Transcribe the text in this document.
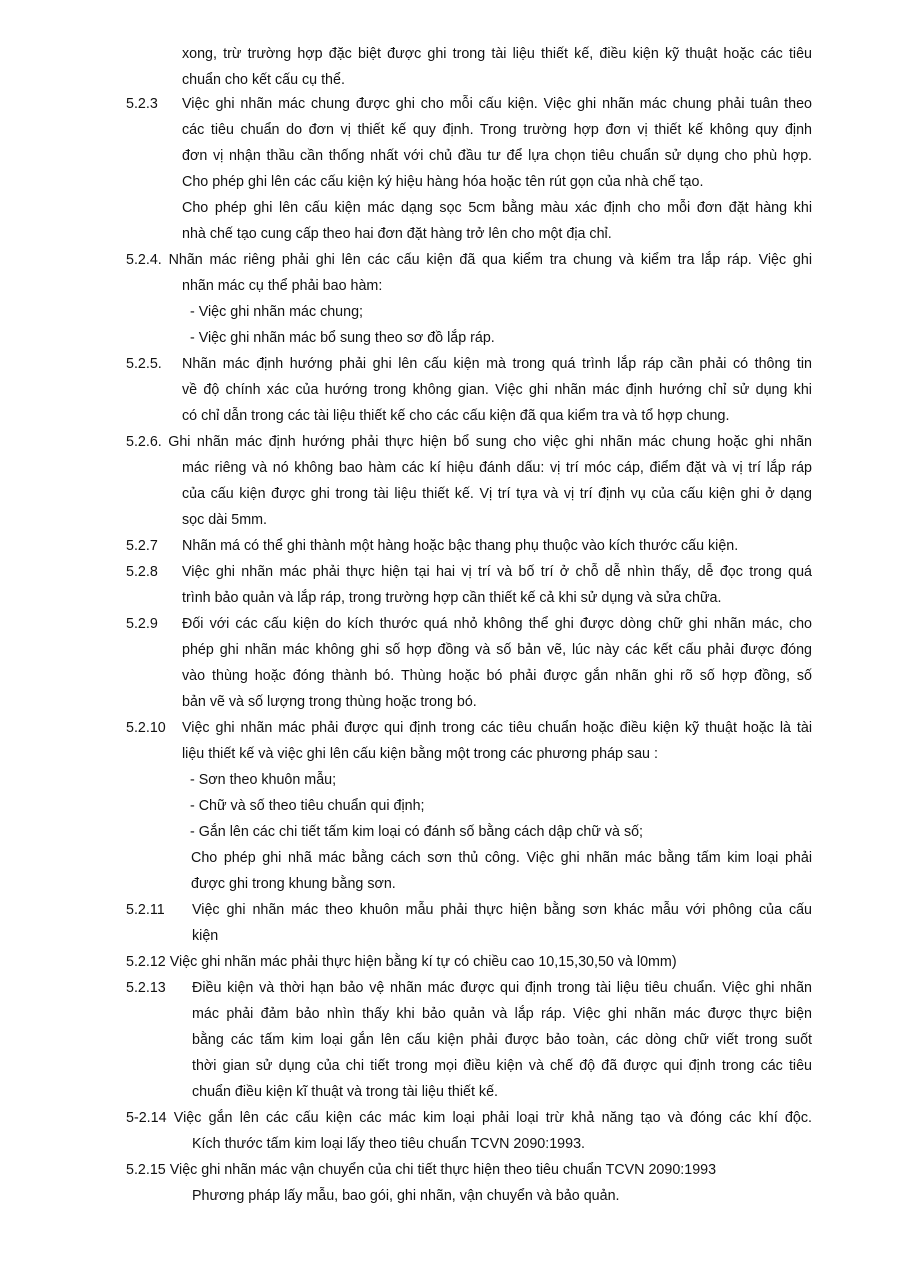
xong, trừ trường hợp đặc biệt được ghi trong tài liệu thiết kế, điều kiện kỹ thuật hoặc các tiêu
chuẩn cho kết cấu cụ thể.
5.2.3 Việc ghi nhãn mác chung được ghi cho mỗi cấu kiện. Việc ghi nhãn mác chung phải tuân theo
các tiêu chuẩn do đơn vị thiết kế quy định. Trong trường hợp đơn vị thiết kế không quy định
đơn vị nhận thầu cần thống nhất với chủ đầu tư để lựa chọn tiêu chuẩn sử dụng cho phù hợp.
Cho phép ghi lên các cấu kiện ký hiệu hàng hóa hoặc tên rút gọn của nhà chế tạo.
Cho phép ghi lên cấu kiện mác dạng sọc 5cm bằng màu xác định cho mỗi đơn đặt hàng khi
nhà chế tạo cung cấp theo hai đơn đặt hàng trở lên cho một địa chỉ.
5.2.4. Nhãn mác riêng phải ghi lên các cấu kiện đã qua kiểm tra chung và kiểm tra lắp ráp. Việc ghi
nhãn mác cụ thể phải bao hàm:
- Việc ghi nhãn mác chung;
- Việc ghi nhãn mác bổ sung theo sơ đồ lắp ráp.
5.2.5. Nhãn mác định hướng phải ghi lên cấu kiện mà trong quá trình lắp ráp cần phải có thông tin
về độ chính xác của hướng trong không gian. Việc ghi nhãn mác định hướng chỉ sử dụng khi
có chỉ dẫn trong các tài liệu thiết kế cho các cấu kiện đã qua kiểm tra và tổ hợp chung.
5.2.6. Ghi nhãn mác định hướng phải thực hiện bổ sung cho việc ghi nhãn mác chung hoặc ghi nhãn
mác riêng và nó không bao hàm các kí hiệu đánh dấu: vị trí móc cáp, điểm đặt và vị trí lắp ráp
của cấu kiện được ghi trong tài liệu thiết kế. Vị trí tựa và vị trí định vụ của cấu kiện ghi ở dạng
sọc dài 5mm.
5.2.7 Nhãn má có thể ghi thành một hàng hoặc bậc thang phụ thuộc vào kích thước cấu kiện.
5.2.8 Việc ghi nhãn mác phải thực hiện tại hai vị trí và bố trí ở chỗ dễ nhìn thấy, dễ đọc trong quá
trình bảo quản và lắp ráp, trong trường hợp cần thiết kế cả khi sử dụng và sửa chữa.
5.2.9 Đối với các cấu kiện do kích thước quá nhỏ không thể ghi được dòng chữ ghi nhãn mác, cho
phép ghi nhãn mác không ghi số hợp đồng và số bản vẽ, lúc này các kết cấu phải được đóng
vào thùng hoặc đóng thành bó. Thùng hoặc bó phải được gắn nhãn ghi rõ số hợp đồng, số
bản vẽ và số lượng trong thùng hoặc trong bó.
5.2.10 Việc ghi nhãn mác phải được qui định trong các tiêu chuẩn hoặc điều kiện kỹ thuật hoặc là tài
liệu thiết kế và việc ghi lên cấu kiện bằng một trong các phương pháp sau :
- Sơn theo khuôn mẫu;
- Chữ và số theo tiêu chuẩn qui định;
- Gắn lên các chi tiết tấm kim loại có đánh số bằng cách dập chữ và số;
Cho phép ghi nhã mác bằng cách sơn thủ công. Việc ghi nhãn mác bằng tấm kim loại phải
được ghi trong khung bằng sơn.
5.2.11 Việc ghi nhãn mác theo khuôn mẫu phải thực hiện bằng sơn khác mẫu với phông của cấu
kiện
5.2.12 Việc ghi nhãn mác phải thực hiện bằng kí tự có chiều cao 10,15,30,50 và l0mm)
5.2.13 Điều kiện và thời hạn bảo vệ nhãn mác được qui định trong tài liệu tiêu chuẩn. Việc ghi nhãn
mác phải đảm bảo nhìn thấy khi bảo quản và lắp ráp. Việc ghi nhãn mác được thực biện
bằng các tấm kim loại gắn lên cấu kiện phải được bảo toàn, các dòng chữ viết trong suốt
thời gian sử dụng của chi tiết trong mọi điều kiện và chế độ đã được qui định trong các tiêu
chuẩn điều kiện kĩ thuật và trong tài liệu thiết kế.
5-2.14 Việc gắn lên các cấu kiện các mác kim loại phải loại trừ khả năng tạo và đóng các khí độc.
Kích thước tấm kim loại lấy theo tiêu chuẩn TCVN 2090:1993.
5.2.15 Việc ghi nhãn mác vận chuyển của chi tiết thực hiện theo tiêu chuẩn TCVN 2090:1993
Phương pháp lấy mẫu, bao gói, ghi nhãn, vận chuyển và bảo quản.
